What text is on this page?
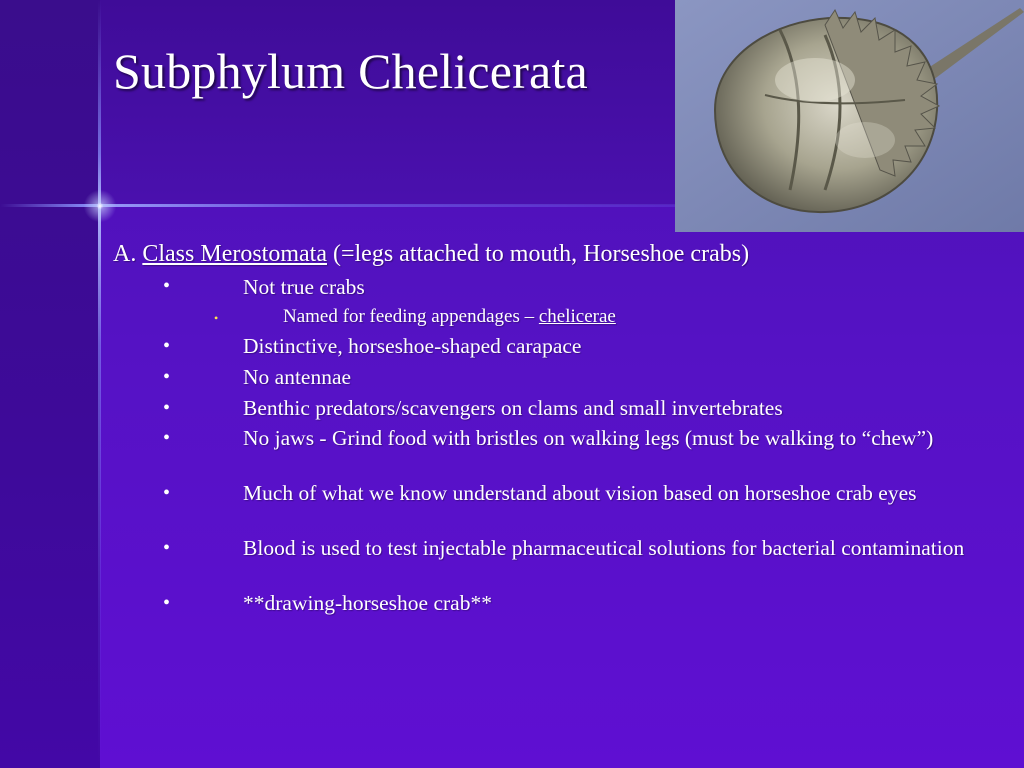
Subphylum Chelicerata
A. Class Merostomata (=legs attached to mouth, Horseshoe crabs)
•	Not true crabs
•	Named for feeding appendages – chelicerae
•	Distinctive, horseshoe-shaped carapace
•	No antennae
•	Benthic predators/scavengers on clams and small invertebrates
•	No jaws - Grind food with bristles on walking legs (must be walking to “chew”)
•	Much of what we know understand about vision based on horseshoe crab eyes
•	Blood is used to test injectable pharmaceutical solutions for bacterial contamination
•	**drawing-horseshoe crab**
